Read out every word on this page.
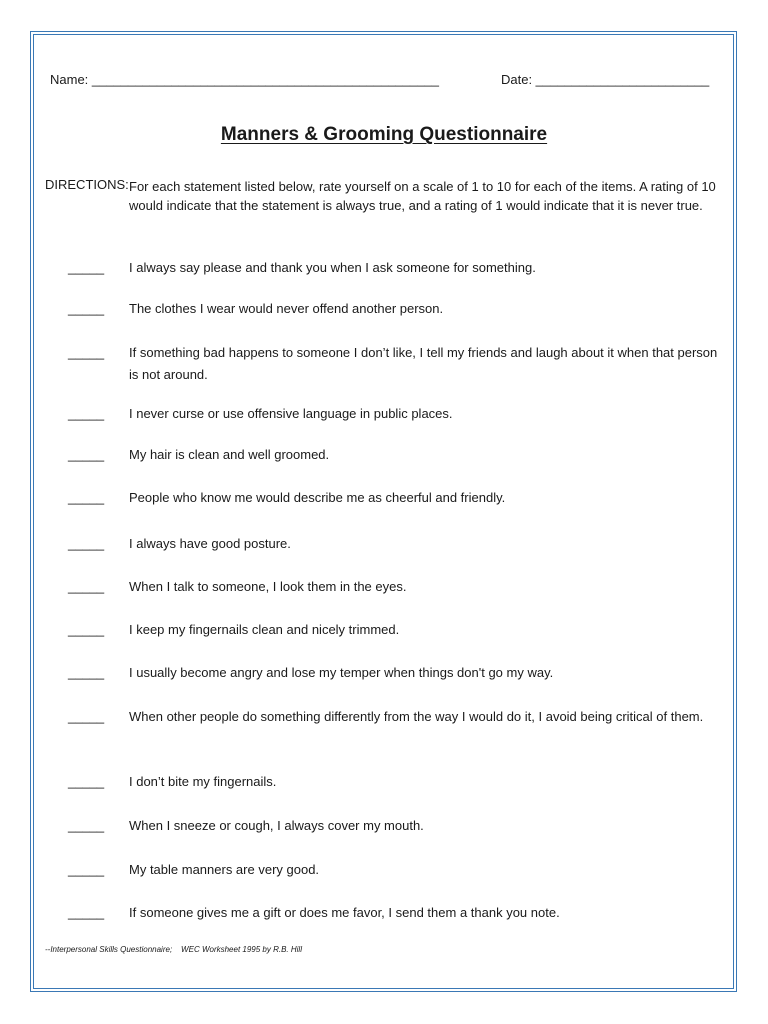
Name: ________________________________________________	Date: ________________________
Manners & Grooming Questionnaire
DIRECTIONS: For each statement listed below, rate yourself on a scale of 1 to 10 for each of the items. A rating of 10 would indicate that the statement is always true, and a rating of 1 would indicate that it is never true.
_____ I always say please and thank you when I ask someone for something.
_____ The clothes I wear would never offend another person.
_____ If something bad happens to someone I don’t like, I tell my friends and laugh about it when that person is not around.
_____ I never curse or use offensive language in public places.
_____ My hair is clean and well groomed.
_____ People who know me would describe me as cheerful and friendly.
_____ I always have good posture.
_____ When I talk to someone, I look them in the eyes.
_____ I keep my fingernails clean and nicely trimmed.
_____ I usually become angry and lose my temper when things don't go my way.
_____ When other people do something differently from the way I would do it, I avoid being critical of them.
_____ I don’t bite my fingernails.
_____ When I sneeze or cough, I always cover my mouth.
_____ My table manners are very good.
_____ If someone gives me a gift or does me favor, I send them a thank you note.
--Interpersonal Skills Questionnaire;    WEC Worksheet 1995 by R.B. Hill
